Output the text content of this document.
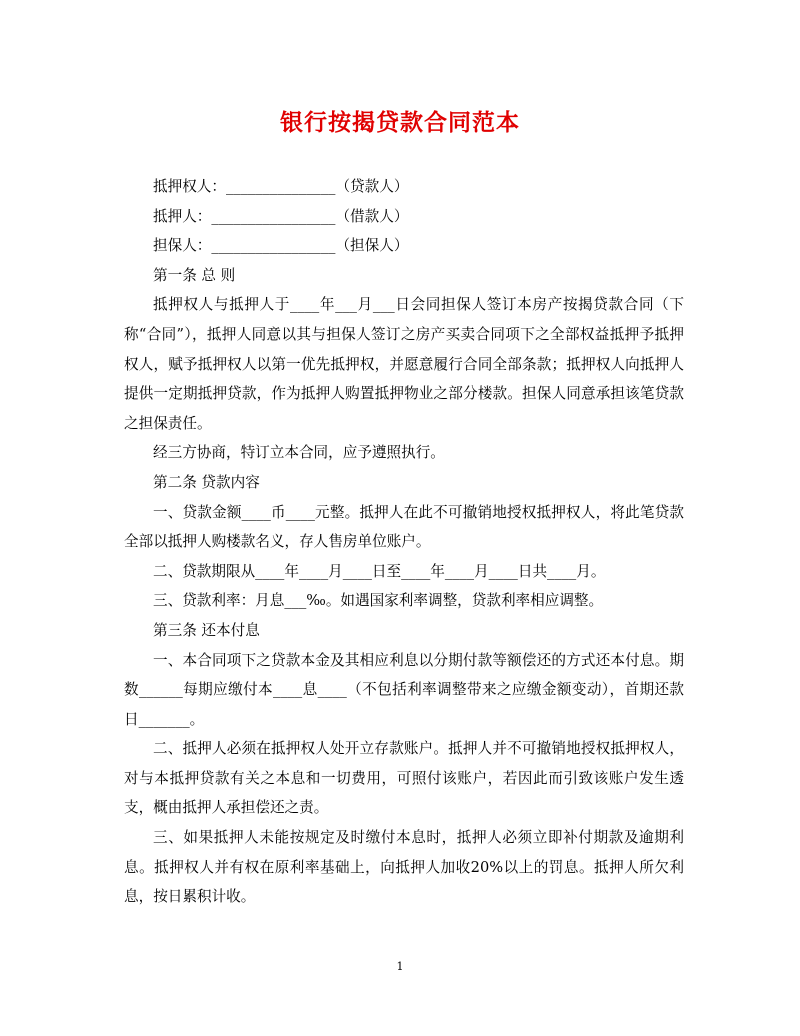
银行按揭贷款合同范本

抵押权人：_______________（贷款人）

抵押人：_________________（借款人）

担保人：_________________（担保人）

第一条 总 则

抵押权人与抵押人于____年___月___日会同担保人签订本房产按揭贷款合同（下称“合同”），抵押人同意以其与担保人签订之房产买卖合同项下之全部权益抵押予抵押权人，赋予抵押权人以第一优先抵押权，并愿意履行合同全部条款；抵押权人向抵押人提供一定期抵押贷款，作为抵押人购置抵押物业之部分楼款。担保人同意承担该笔贷款之担保责任。

经三方协商，特订立本合同，应予遵照执行。

第二条 贷款内容

一、贷款金额____币____元整。抵押人在此不可撤销地授权抵押权人，将此笔贷款全部以抵押人购楼款名义，存人售房单位账户。

二、贷款期限从____年____月____日至____年____月____日共____月。

三、贷款利率：月息___‰。如遇国家利率调整，贷款利率相应调整。

第三条 还本付息

一、本合同项下之贷款本金及其相应利息以分期付款等额偿还的方式还本付息。期数______每期应缴付本____息____（不包括利率调整带来之应缴金额变动），首期还款日_______。

二、抵押人必须在抵押权人处开立存款账户。抵押人并不可撤销地授权抵押权人，对与本抵押贷款有关之本息和一切费用，可照付该账户，若因此而引致该账户发生透支，概由抵押人承担偿还之责。

三、如果抵押人未能按规定及时缴付本息时，抵押人必须立即补付期款及逾期利息。抵押权人并有权在原利率基础上，向抵押人加收20%以上的罚息。抵押人所欠利息，按日累积计收。

1
